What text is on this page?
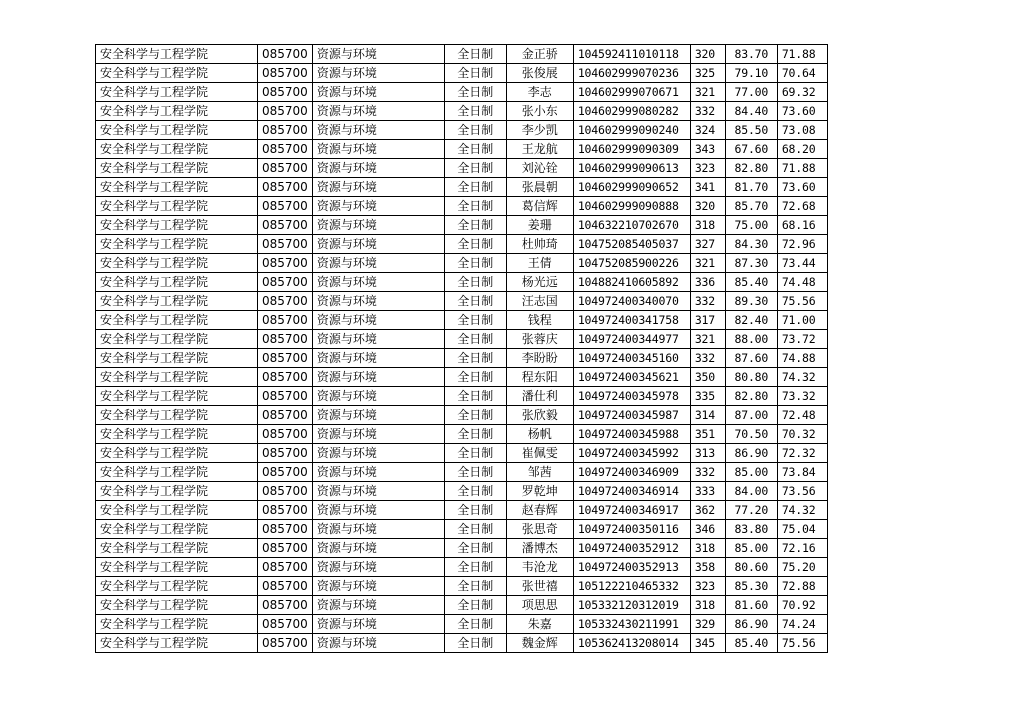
安全科学与工程学院	085700	资源与环境	全日制	金正骄	104592411010118	320	83.70	71.88
安全科学与工程学院	085700	资源与环境	全日制	张俊展	104602999070236	325	79.10	70.64
安全科学与工程学院	085700	资源与环境	全日制	李志	104602999070671	321	77.00	69.32
安全科学与工程学院	085700	资源与环境	全日制	张小东	104602999080282	332	84.40	73.60
安全科学与工程学院	085700	资源与环境	全日制	李少凯	104602999090240	324	85.50	73.08
安全科学与工程学院	085700	资源与环境	全日制	王龙航	104602999090309	343	67.60	68.20
安全科学与工程学院	085700	资源与环境	全日制	刘沁铨	104602999090613	323	82.80	71.88
安全科学与工程学院	085700	资源与环境	全日制	张晨朝	104602999090652	341	81.70	73.60
安全科学与工程学院	085700	资源与环境	全日制	葛信辉	104602999090888	320	85.70	72.68
安全科学与工程学院	085700	资源与环境	全日制	姜珊	104632210702670	318	75.00	68.16
安全科学与工程学院	085700	资源与环境	全日制	杜帅琦	104752085405037	327	84.30	72.96
安全科学与工程学院	085700	资源与环境	全日制	王倩	104752085900226	321	87.30	73.44
安全科学与工程学院	085700	资源与环境	全日制	杨光远	104882410605892	336	85.40	74.48
安全科学与工程学院	085700	资源与环境	全日制	汪志国	104972400340070	332	89.30	75.56
安全科学与工程学院	085700	资源与环境	全日制	钱程	104972400341758	317	82.40	71.00
安全科学与工程学院	085700	资源与环境	全日制	张蓉庆	104972400344977	321	88.00	73.72
安全科学与工程学院	085700	资源与环境	全日制	李盼盼	104972400345160	332	87.60	74.88
安全科学与工程学院	085700	资源与环境	全日制	程东阳	104972400345621	350	80.80	74.32
安全科学与工程学院	085700	资源与环境	全日制	潘仕利	104972400345978	335	82.80	73.32
安全科学与工程学院	085700	资源与环境	全日制	张欣毅	104972400345987	314	87.00	72.48
安全科学与工程学院	085700	资源与环境	全日制	杨帆	104972400345988	351	70.50	70.32
安全科学与工程学院	085700	资源与环境	全日制	崔佩雯	104972400345992	313	86.90	72.32
安全科学与工程学院	085700	资源与环境	全日制	邹茜	104972400346909	332	85.00	73.84
安全科学与工程学院	085700	资源与环境	全日制	罗乾坤	104972400346914	333	84.00	73.56
安全科学与工程学院	085700	资源与环境	全日制	赵春辉	104972400346917	362	77.20	74.32
安全科学与工程学院	085700	资源与环境	全日制	张思奇	104972400350116	346	83.80	75.04
安全科学与工程学院	085700	资源与环境	全日制	潘博杰	104972400352912	318	85.00	72.16
安全科学与工程学院	085700	资源与环境	全日制	韦沧龙	104972400352913	358	80.60	75.20
安全科学与工程学院	085700	资源与环境	全日制	张世禧	105122210465332	323	85.30	72.88
安全科学与工程学院	085700	资源与环境	全日制	项思思	105332120312019	318	81.60	70.92
安全科学与工程学院	085700	资源与环境	全日制	朱嘉	105332430211991	329	86.90	74.24
安全科学与工程学院	085700	资源与环境	全日制	魏金辉	105362413208014	345	85.40	75.56
